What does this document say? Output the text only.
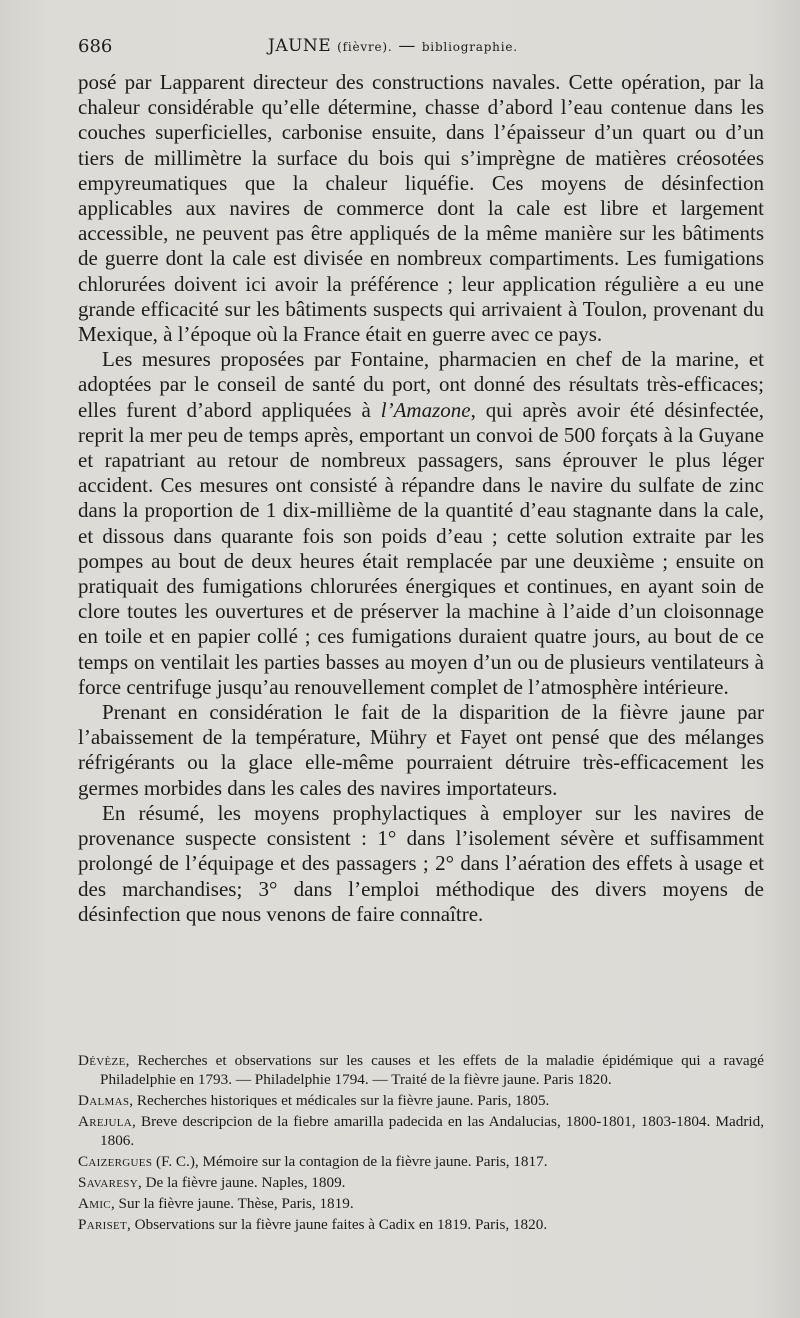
686	JAUNE (fièvre). — bibliographie.

posé par Lapparent directeur des constructions navales. Cette opération, par la chaleur considérable qu’elle détermine, chasse d’abord l’eau contenue dans les couches superficielles, carbonise ensuite, dans l’épaisseur d’un quart ou d’un tiers de millimètre la surface du bois qui s’imprègne de matières créosotées empyreumatiques que la chaleur liquéfie. Ces moyens de désinfection applicables aux navires de commerce dont la cale est libre et largement accessible, ne peuvent pas être appliqués de la même manière sur les bâtiments de guerre dont la cale est divisée en nombreux compartiments. Les fumigations chlorurées doivent ici avoir la préférence ; leur application régulière a eu une grande efficacité sur les bâtiments suspects qui arrivaient à Toulon, provenant du Mexique, à l’époque où la France était en guerre avec ce pays.

Les mesures proposées par Fontaine, pharmacien en chef de la marine, et adoptées par le conseil de santé du port, ont donné des résultats très-efficaces; elles furent d’abord appliquées à l’Amazone, qui après avoir été désinfectée, reprit la mer peu de temps après, emportant un convoi de 500 forçats à la Guyane et rapatriant au retour de nombreux passagers, sans éprouver le plus léger accident. Ces mesures ont consisté à répandre dans le navire du sulfate de zinc dans la proportion de 1 dix-millième de la quantité d’eau stagnante dans la cale, et dissous dans quarante fois son poids d’eau ; cette solution extraite par les pompes au bout de deux heures était remplacée par une deuxième ; ensuite on pratiquait des fumigations chlorurées énergiques et continues, en ayant soin de clore toutes les ouvertures et de préserver la machine à l’aide d’un cloisonnage en toile et en papier collé ; ces fumigations duraient quatre jours, au bout de ce temps on ventilait les parties basses au moyen d’un ou de plusieurs ventilateurs à force centrifuge jusqu’au renouvellement complet de l’atmosphère intérieure.

Prenant en considération le fait de la disparition de la fièvre jaune par l’abaissement de la température, Mühry et Fayet ont pensé que des mélanges réfrigérants ou la glace elle-même pourraient détruire très-efficacement les germes morbides dans les cales des navires importateurs.

En résumé, les moyens prophylactiques à employer sur les navires de provenance suspecte consistent : 1° dans l’isolement sévère et suffisamment prolongé de l’équipage et des passagers ; 2° dans l’aération des effets à usage et des marchandises; 3° dans l’emploi méthodique des divers moyens de désinfection que nous venons de faire connaître.

Dévèze, Recherches et observations sur les causes et les effets de la maladie épidémique qui a ravagé Philadelphie en 1793. — Philadelphie 1794. — Traité de la fièvre jaune. Paris 1820.
Dalmas, Recherches historiques et médicales sur la fièvre jaune. Paris, 1805.
Arejula, Breve descripcion de la fiebre amarilla padecida en las Andalucias, 1800-1801, 1803-1804. Madrid, 1806.
Caizergues (F. C.), Mémoire sur la contagion de la fièvre jaune. Paris, 1817.
Savaresy, De la fièvre jaune. Naples, 1809.
Amic, Sur la fièvre jaune. Thèse, Paris, 1819.
Pariset, Observations sur la fièvre jaune faites à Cadix en 1819. Paris, 1820.
